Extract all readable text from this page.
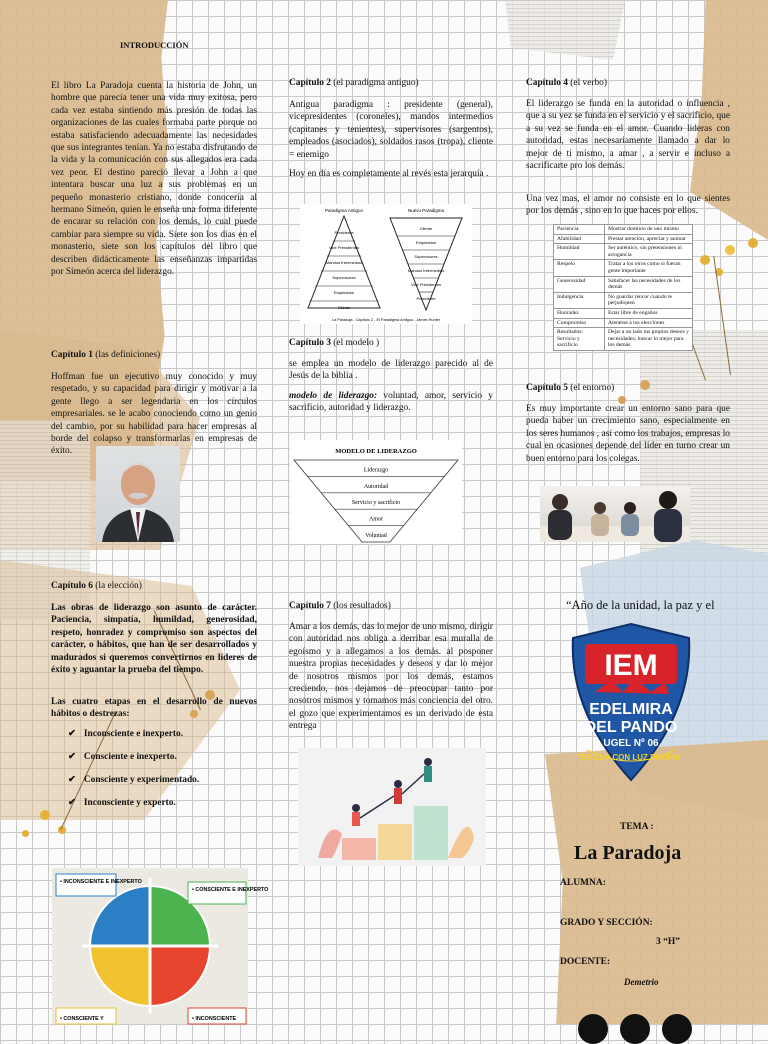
INTRODUCCIÓN
El libro La Paradoja cuenta la historia de John, un hombre que parecía tener una vida muy exitosa, pero cada vez estaba sintiendo más presión de todas las organizaciones de las cuales formaba parte porque no estaba satisfaciendo adecuadamente las necesidades que sus integrantes tenían. Ya no estaba disfrutando de la vida y la comunicación con sus allegados era cada vez peor. El destino pareció llevar a John a que intentara buscar una luz a sus problemas en un pequeño monasterio cristiano, donde conocería al hermano Simeón, quien le enseña una forma diferente de encarar su relación con los demás, lo cual puede cambiar para siempre su vida. Siete son los días en el monasterio, siete son los capítulos del libro que describen didácticamente las enseñanzas impartidas por Simeón acerca del liderazgo.
Capítulo 1 (las definiciones)
Hoffman fue un ejecutivo muy conocido y muy respetado, y su capacidad para dirigir y motivar a la gente llego a ser legendaria en los círculos empresariales. se le acabo conociendo como un genio del cambio, por su habilidad para hacer empresas al borde del colapso y transformarlas en empresas de éxito.
Capítulo 2 (el paradigma antiguo)
Antigua paradigma : presidente (general), vicepresidentes (coroneles), mandos intermedios (capitanes y tenientes), supervisores (sargentos), empleados (asociados), soldados rasos (tropa), cliente = enemigo
Hoy en día es completamente al revés esta jerarquía .
Paradigma Antiguo	Nuevo Paradigma
Presidente
Vice Presidentes
Mandos Intermedios
Supervisores
Empleados
Cliente
Cliente
Empleados
Supervisores
Mandos Intermedios
Vice Presidentes
Presidente
La Paradoja - Capítulo 2 - El Paradigma Antiguo - James Hunter
Capítulo 3 (el modelo )
se emplea un modelo de liderazgo parecido al de Jesús de la biblia .
modelo de liderazgo: voluntad, amor, servicio y sacrificio, autoridad y liderazgo.
MODELO DE LIDERAZGO
Liderazgo
Autoridad
Servicio y sacrificio
Amor
Voluntad
Capítulo 4 (el verbo)
El liderazgo se funda en la autoridad o influencia , que a su vez se funda en el servicio y el sacrificio, que a su vez se funda en el amor. Cuando lideras con autoridad, estas necesariamente llamado a dar lo mejor de ti mismo, a amar , a servir e incluso a sacrificarte pro los demás.
Una vez mas, el amor no consiste en lo que sientes por los demás , sino en lo que haces por ellos.
Paciencia	Mostrar dominio de uno mismo
Afabilidad	Prestar atención, apreciar y animar
Humildad	Ser auténtico, sin pretensiones ni arrogancia
Respeto	Tratar a los otros como si fueran gente importante
Generosidad	Satisfacer las necesidades de los demás
Indulgencia	No guardar rencor cuando te perjudiquen
Honradez	Estar libre de engaños
Compromiso	Atenerse a tus elecciones
Resultados: Servicio y sacrificio	Dejar a un lado tus propios deseos y necesidades; buscar lo mejor para los demás
Capítulo 5 (el entorno)
Es muy importante crear un entorno sano para que pueda haber un crecimiento sano, especialmente en los seres humanos , así como los trabajos, empresas lo cual en ocasiones depende del líder en turno crear un buen entorno para los colegas.
Capítulo 6 (la elección)
Las obras de liderazgo son asunto de carácter. Paciencia, simpatía, humildad, generosidad, respeto, honradez y compromiso son aspectos del carácter, o hábitos, que han de ser desarrollados y madurados si queremos convertirnos en líderes de éxito y aguantar la prueba del tiempo.
Las cuatro etapas en el desarrollo de nuevos hábitos o destrezas:
✔ Inconsciente e inexperto.
✔ Consciente e inexperto.
✔ Consciente y experimentado.
✔ Inconsciente y experto.
• INCONSCIENTE E INEXPERTO
• CONSCIENTE E INEXPERTO
• CONSCIENTE Y	• INCONSCIENTE
Capítulo 7 (los resultados)
Amar a los demás, das lo mejor de uno mismo, dirigir con autoridad nos obliga a derribar esa muralla de egoísmo y a allegamos a los demás. al posponer nuestra propias necesidades y deseos y dar lo mejor de nosotros mismos por los demás, estamos creciendo, nos dejamos de preocupar tanto por nosotros mismos y tomamos más conciencia del otro. el gozo que experimentamos es un derivado de esta entrega
“Año de la unidad, la paz y el
IEM
EDELMIRA
DEL PANDO
UGEL Nº 06
"BRILLA CON LUZ PROPIA"
TEMA :
La Paradoja
ALUMNA:
GRADO Y SECCIÓN:
3 “H”
DOCENTE:
Demetrio
